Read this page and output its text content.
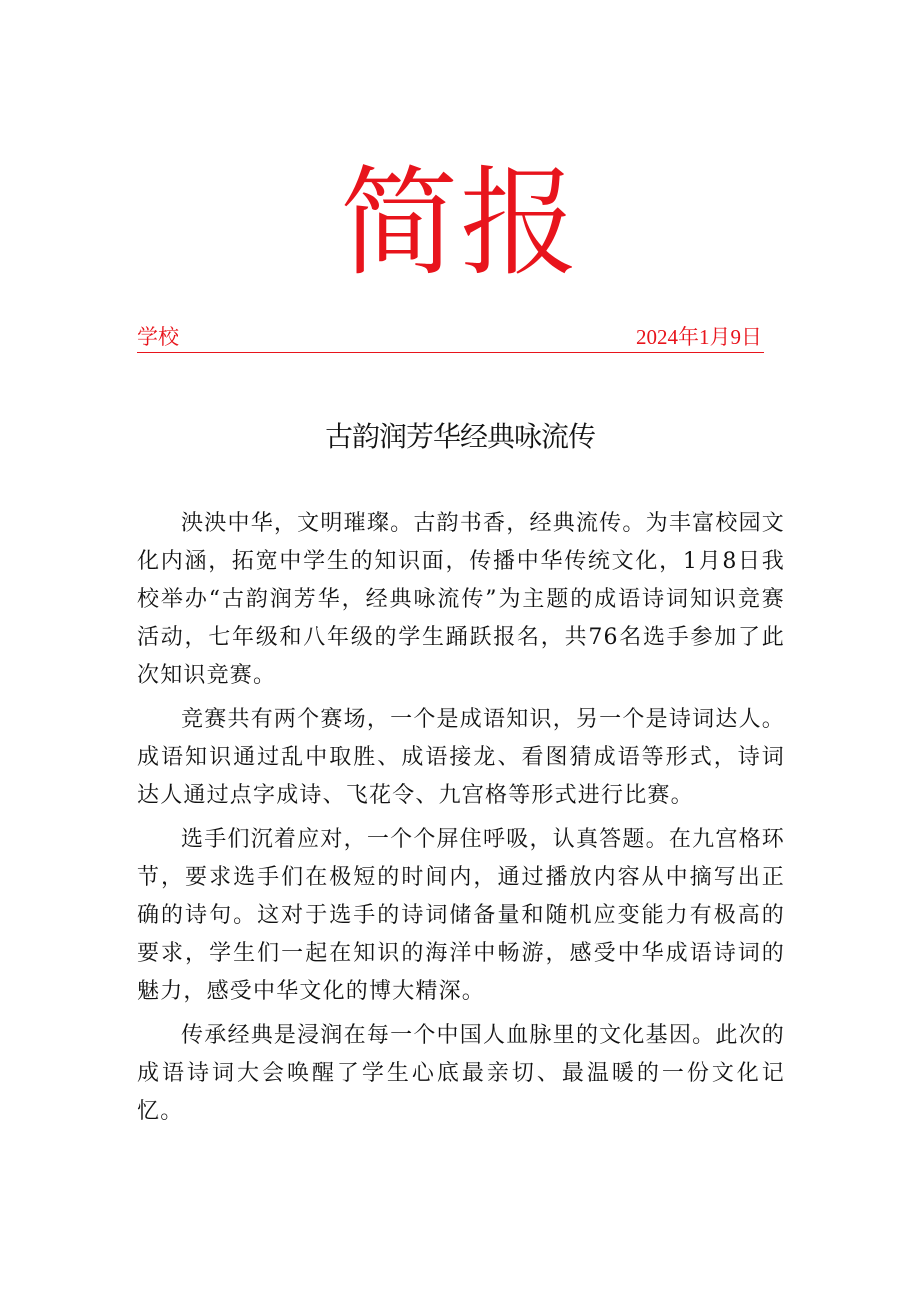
简报
学校	2024年1月9日
古韵润芳华经典咏流传

泱泱中华，文明璀璨。古韵书香，经典流传。为丰富校园文化内涵，拓宽中学生的知识面，传播中华传统文化，1月8日我校举办“古韵润芳华，经典咏流传”为主题的成语诗词知识竞赛活动，七年级和八年级的学生踊跃报名，共76名选手参加了此次知识竞赛。

竞赛共有两个赛场，一个是成语知识，另一个是诗词达人。成语知识通过乱中取胜、成语接龙、看图猜成语等形式，诗词达人通过点字成诗、飞花令、九宫格等形式进行比赛。

选手们沉着应对，一个个屏住呼吸，认真答题。在九宫格环节，要求选手们在极短的时间内，通过播放内容从中摘写出正确的诗句。这对于选手的诗词储备量和随机应变能力有极高的要求，学生们一起在知识的海洋中畅游，感受中华成语诗词的魅力，感受中华文化的博大精深。

传承经典是浸润在每一个中国人血脉里的文化基因。此次的成语诗词大会唤醒了学生心底最亲切、最温暖的一份文化记忆。
